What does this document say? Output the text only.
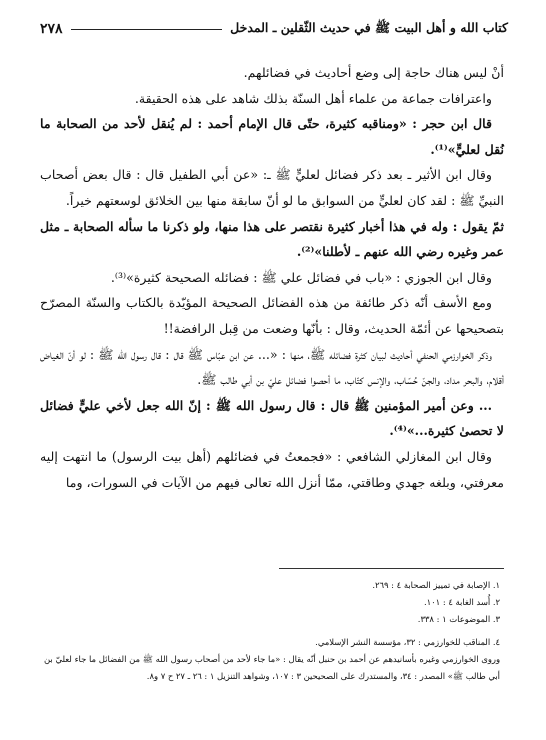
كتاب الله و أهل البيت ﷺ في حديث الثّقلين ـ المدخل
٢٧٨

أنْ ليس هناك حاجة إلى وضع أحاديث في فضائلهم.

واعترافات جماعة من علماء أهل السنّة بذلك شاهد على هذه الحقيقة.

قال ابن حجر : «ومناقبه كثيرة، حتّى قال الإمام أحمد : لم يُنقل لأحد من الصحابة ما نُقل لعليٍّ»⁽¹⁾.

وقال ابن الأثير ـ بعد ذكر فضائل لعليٍّ ﷺ ـ: «عن أبي الطفيل قال : قال بعض أصحاب النبيِّ ﷺ : لقد كان لعليٍّ من السوابق ما لو أنّ سابقة منها بين الخلائق لوسعتهم خيراً.

ثمّ يقول : وله في هذا أخبار كثيرة نقتصر على هذا منها، ولو ذكرنا ما سأله الصحابة ـ مثل عمر وغيره رضي الله عنهم ـ لأطلنا»⁽²⁾.

وقال ابن الجوزي : «باب في فضائل علي ﷺ : فضائله الصحيحة كثيرة»⁽³⁾.

ومع الأسف أنّه ذكر طائفة من هذه الفضائل الصحيحة المؤيّدة بالكتاب والسنّة المصرّح بتصحيحها عن أئمّة الحديث، وقال : بأنّها وضعت من قِبل الرافضة!!

وذكر الخوارزمي الحنفي أحاديث لبيان كثرة فضائله ﷺ، منها : «... عن ابن عبّاس ﷺ قال : قال رسول الله ﷺ : لو أنّ الغياض أقلام، والبحر مداد، والجنّ حُسّاب، والإنس كتّاب، ما أحصوا فضائل عليّ بن أبي طالب ﷺ.

... وعن أمير المؤمنين ﷺ قال : قال رسول الله ﷺ : إنّ الله جعل لأخي عليٍّ فضائل لا تحصىٰ كثيرة...»⁽⁴⁾.

وقال ابن المغازلي الشافعي : «فجمعتُ في فضائلهم (أهل بيت الرسول) ما انتهت إليه معرفتي، وبلغه جهدي وطاقتي، ممّا أنزل الله تعالى فيهم من الآيات في السورات، وما

١. الإصابة في تمييز الصحابة ٤ : ٢٦٩.

٢. أُسد الغابة ٤ : ١٠١.

٣. الموضوعات ١ : ٣٣٨.

٤. المناقب للخوارزمي : ٣٢، مؤسسة النشر الإسلامي.

وروى الخوارزمي وغيره بأسانيدهم عن أحمد بن حنبل أنّه يقال : «ما جاء لأحد من أصحاب رسول الله ﷺ من الفضائل ما جاء لعليّ بن أبي طالب ﷺ» المصدر : ٣٤، والمستدرك على الصحيحين ٣ : ١٠٧، وشواهد التنزيل ١ : ٢٦ ـ ٢٧ ح ٧ و٨.
